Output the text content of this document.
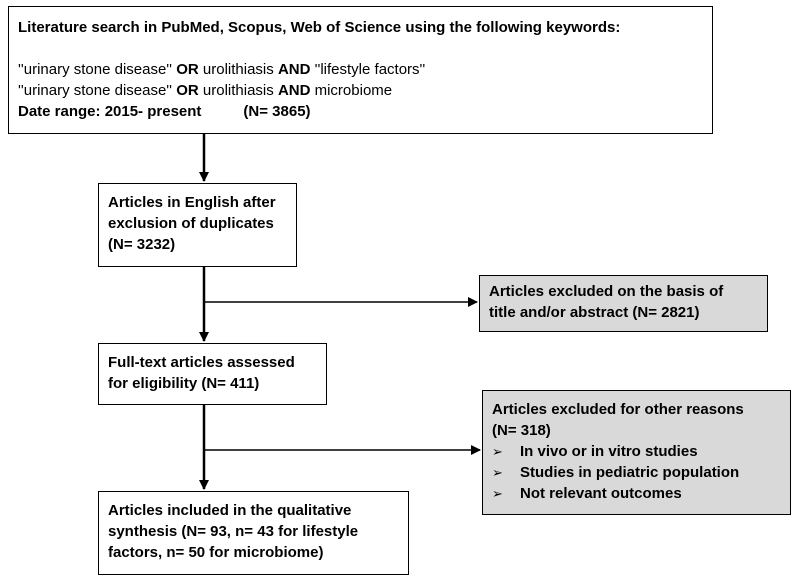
Literature search in PubMed, Scopus, Web of Science using the following keywords:
''urinary stone disease'' OR urolithiasis AND ''lifestyle factors''
''urinary stone disease'' OR urolithiasis AND microbiome
Date range: 2015- present	(N= 3865)
Articles in English after
exclusion of duplicates
(N= 3232)
Articles excluded on the basis of
title and/or abstract (N= 2821)
Full-text articles assessed
for eligibility (N= 411)
Articles excluded for other reasons
(N= 318)
➢	In vivo or in vitro studies
➢	Studies in pediatric population
➢	Not relevant outcomes
Articles included in the qualitative
synthesis (N= 93, n= 43 for lifestyle
factors, n= 50 for microbiome)
